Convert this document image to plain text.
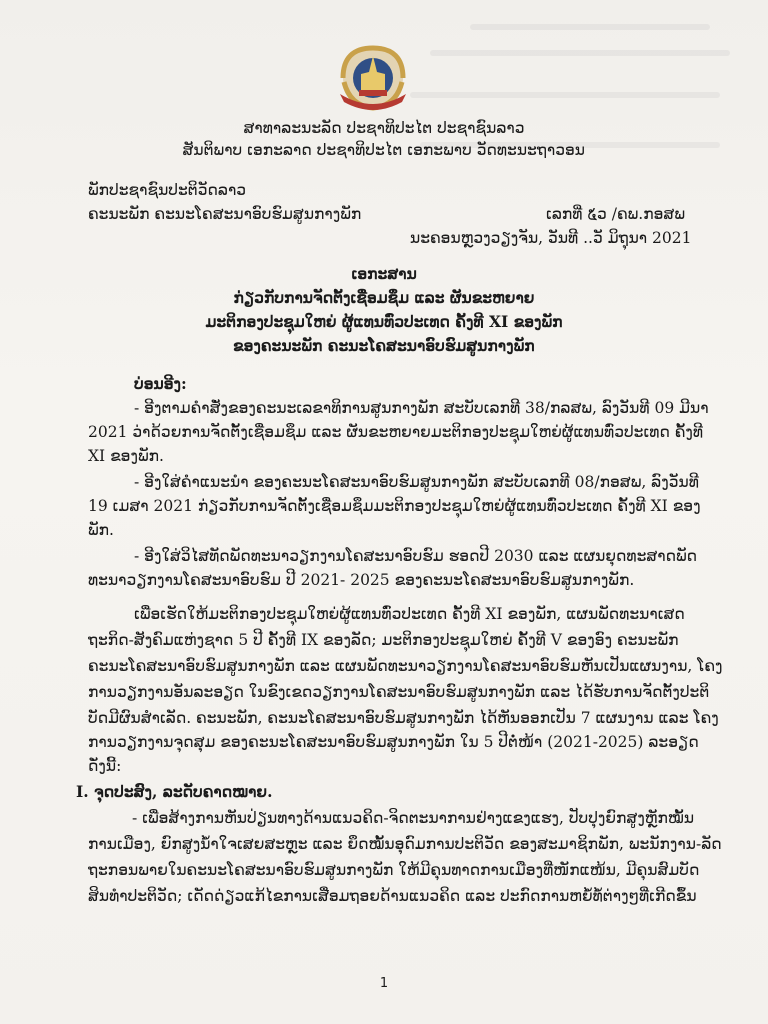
ສາທາລະນະລັດ ປະຊາທິປະໄຕ ປະຊາຊົນລາວ
ສັນຕິພາບ ເອກະລາດ ປະຊາທິປະໄຕ ເອກະພາບ ວັດທະນະຖາວອນ
ພັກປະຊາຊົນປະຕິວັດລາວ
ຄະນະພັກ ຄະນະໂຄສະນາອົບຮົມສູນກາງພັກ	ເລກທີ່ ໕ວ /ຄພ.ກອສພ
ນະຄອນຫຼວງວຽງຈັນ, ວັນທີ ..ວັ ມິຖຸນາ 2021
ເອກະສານ
ກ່ຽວກັບການຈັດຕັ້ງເຊື່ອມຊຶມ ແລະ ຜັນຂະຫຍາຍ
ມະຕິກອງປະຊຸມໃຫຍ່ ຜູ້ແທນທົ່ວປະເທດ ຄັ້ງທີ XI ຂອງພັກ
ຂອງຄະນະພັກ ຄະນະໂຄສະນາອົບຮົມສູນກາງພັກ
ບ່ອນອີງ:
- ອີງຕາມຄຳສັ່ງຂອງຄະນະເລຂາທິການສູນກາງພັກ ສະບັບເລກທີ 38/ກລສພ, ລົງວັນທີ 09 ມີນາ
2021 ວ່າດ້ວຍການຈັດຕັ້ງເຊື່ອມຊຶມ ແລະ ຜັນຂະຫຍາຍມະຕິກອງປະຊຸມໃຫຍ່ຜູ້ແທນທົ່ວປະເທດ ຄັ້ງທີ
XI ຂອງພັກ.
- ອີງໃສ່ຄຳແນະນຳ ຂອງຄະນະໂຄສະນາອົບຮົມສູນກາງພັກ ສະບັບເລກທີ 08/ກອສພ, ລົງວັນທີ
19 ເມສາ 2021 ກ່ຽວກັບການຈັດຕັ້ງເຊື່ອມຊຶມມະຕິກອງປະຊຸມໃຫຍ່ຜູ້ແທນທົ່ວປະເທດ ຄັ້ງທີ XI ຂອງ
ພັກ.
- ອີງໃສ່ວິໄສທັດພັດທະນາວຽກງານໂຄສະນາອົບຮົມ ຮອດປີ 2030 ແລະ ແຜນຍຸດທະສາດພັດ
ທະນາວຽກງານໂຄສະນາອົບຮົມ ປີ 2021- 2025 ຂອງຄະນະໂຄສະນາອົບຮົມສູນກາງພັກ.
ເພື່ອເຮັດໃຫ້ມະຕິກອງປະຊຸມໃຫຍ່ຜູ້ແທນທົ່ວປະເທດ ຄັ້ງທີ XI ຂອງພັກ, ແຜນພັດທະນາເສດ
ຖະກິດ-ສັງຄົມແຫ່ງຊາດ 5 ປີ ຄັ້ງທີ IX ຂອງລັດ; ມະຕິກອງປະຊຸມໃຫຍ່ ຄັ້ງທີ V ຂອງອົງ ຄະນະພັກ
ຄະນະໂຄສະນາອົບຮົມສູນກາງພັກ ແລະ ແຜນພັດທະນາວຽກງານໂຄສະນາອົບຮົມຫັນເປັນແຜນງານ, ໂຄງ
ການວຽກງານອັນລະອຽດ ໃນຂົງເຂດວຽກງານໂຄສະນາອົບຮົມສູນກາງພັກ ແລະ ໄດ້ຮັບການຈັດຕັ້ງປະຕິ
ບັດມີຜົນສຳເລັດ. ຄະນະພັກ, ຄະນະໂຄສະນາອົບຮົມສູນກາງພັກ ໄດ້ຫັນອອກເປັນ 7 ແຜນງານ ແລະ ໂຄງ
ການວຽກງານຈຸດສຸມ ຂອງຄະນະໂຄສະນາອົບຮົມສູນກາງພັກ ໃນ 5 ປີຕໍ່ໜ້າ (2021-2025) ລະອຽດ
ດັ່ງນີ້:
I. ຈຸດປະສົງ, ລະດັບຄາດໝາຍ.
- ເພື່ອສ້າງການຫັນປ່ຽນທາງດ້ານແນວຄິດ-ຈິດຕະນາການຢ່າງແຂງແຮງ, ປັບປຸງຍົກສູງຫຼັກໝັ້ນ
ການເມືອງ, ຍົກສູງນ້ຳໃຈເສຍສະຫຼະ ແລະ ຍຶດໝັ້ນອຸດົມການປະຕິວັດ ຂອງສະມາຊິກພັກ, ພະນັກງານ-ລັດ
ຖະກອນພາຍໃນຄະນະໂຄສະນາອົບຮົມສູນກາງພັກ ໃຫ້ມີຄຸນທາດການເມືອງທີ່ໜັກແໜ້ນ, ມີຄຸນສົມບັດ
ສິນທຳປະຕິວັດ; ເດັດດ່ຽວແກ້ໄຂການເສື່ອມຖອຍດ້ານແນວຄິດ ແລະ ປະກົດການຫຍໍ້ທໍ້ຕ່າງໆທີ່ເກີດຂຶ້ນ
1
